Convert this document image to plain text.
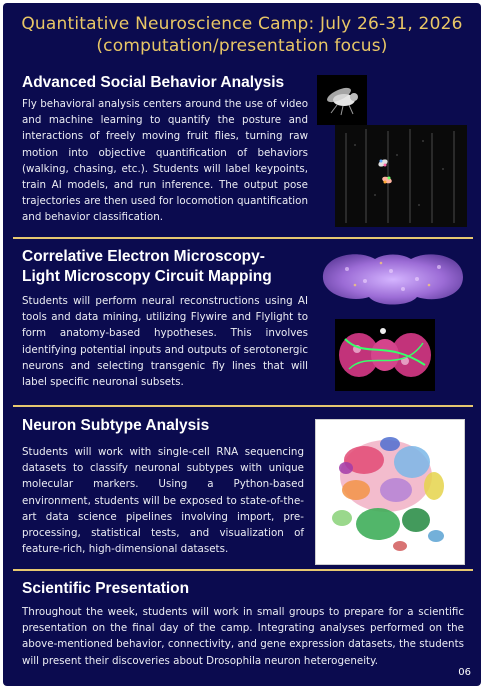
Quantitative Neuroscience Camp: July 26-31, 2026
(computation/presentation focus)
Advanced Social Behavior Analysis
Fly behavioral analysis centers around the use of video and machine learning to quantify the posture and interactions of freely moving fruit flies, turning raw motion into objective quantification of behaviors (walking, chasing, etc.). Students will label keypoints, train AI models, and run inference. The output pose trajectories are then used for locomotion quantification and behavior classification.
Correlative Electron Microscopy-
Light Microscopy Circuit Mapping
Students will perform neural reconstructions using AI tools and data mining, utilizing Flywire and Flylight to form anatomy-based hypotheses. This involves identifying potential inputs and outputs of serotonergic neurons and selecting transgenic fly lines that will label specific neuronal subsets.
Neuron Subtype Analysis
Students will work with single-cell RNA sequencing datasets to classify neuronal subtypes with unique molecular markers. Using a Python-based environment, students will be exposed to state-of-the-art data science pipelines involving import, pre-processing, statistical tests, and visualization of feature-rich, high-dimensional datasets.
Scientific Presentation
Throughout the week, students will work in small groups to prepare for a scientific presentation on the final day of the camp. Integrating analyses performed on the above-mentioned behavior, connectivity, and gene expression datasets, the students will present their discoveries about Drosophila neuron heterogeneity.
06
